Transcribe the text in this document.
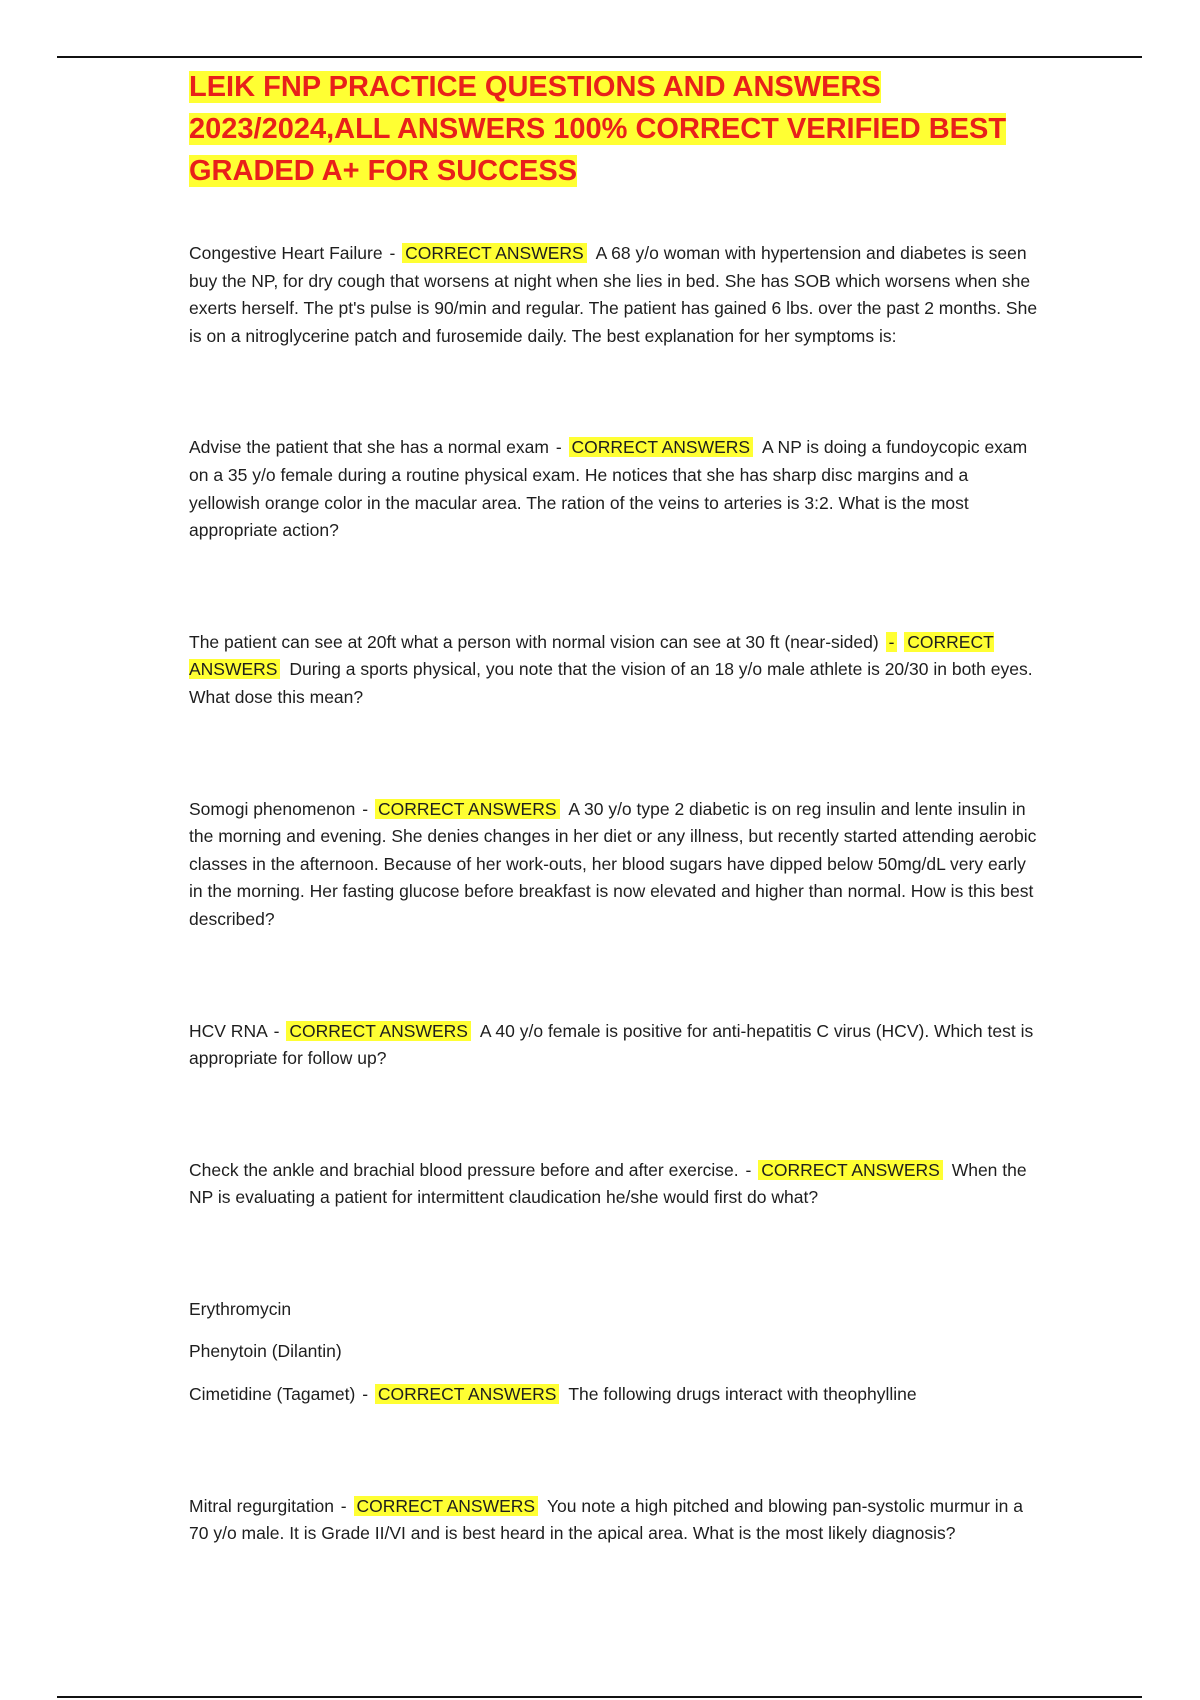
LEIK FNP PRACTICE QUESTIONS AND ANSWERS
2023/2024,ALL ANSWERS 100% CORRECT VERIFIED BEST
GRADED A+ FOR SUCCESS

Congestive Heart Failure - CORRECT ANSWERS A 68 y/o woman with hypertension and diabetes is seen buy the NP, for dry cough that worsens at night when she lies in bed. She has SOB which worsens when she exerts herself. The pt's pulse is 90/min and regular. The patient has gained 6 lbs. over the past 2 months. She is on a nitroglycerine patch and furosemide daily. The best explanation for her symptoms is:

Advise the patient that she has a normal exam - CORRECT ANSWERS A NP is doing a fundoycopic exam on a 35 y/o female during a routine physical exam. He notices that she has sharp disc margins and a yellowish orange color in the macular area. The ration of the veins to arteries is 3:2. What is the most appropriate action?

The patient can see at 20ft what a person with normal vision can see at 30 ft (near-sided) - CORRECT ANSWERS During a sports physical, you note that the vision of an 18 y/o male athlete is 20/30 in both eyes. What dose this mean?

Somogi phenomenon - CORRECT ANSWERS A 30 y/o type 2 diabetic is on reg insulin and lente insulin in the morning and evening. She denies changes in her diet or any illness, but recently started attending aerobic classes in the afternoon. Because of her work-outs, her blood sugars have dipped below 50mg/dL very early in the morning. Her fasting glucose before breakfast is now elevated and higher than normal. How is this best described?

HCV RNA - CORRECT ANSWERS A 40 y/o female is positive for anti-hepatitis C virus (HCV). Which test is appropriate for follow up?

Check the ankle and brachial blood pressure before and after exercise. - CORRECT ANSWERS When the NP is evaluating a patient for intermittent claudication he/she would first do what?

Erythromycin

Phenytoin (Dilantin)

Cimetidine (Tagamet) - CORRECT ANSWERS The following drugs interact with theophylline

Mitral regurgitation - CORRECT ANSWERS You note a high pitched and blowing pan-systolic murmur in a 70 y/o male. It is Grade II/VI and is best heard in the apical area. What is the most likely diagnosis?
